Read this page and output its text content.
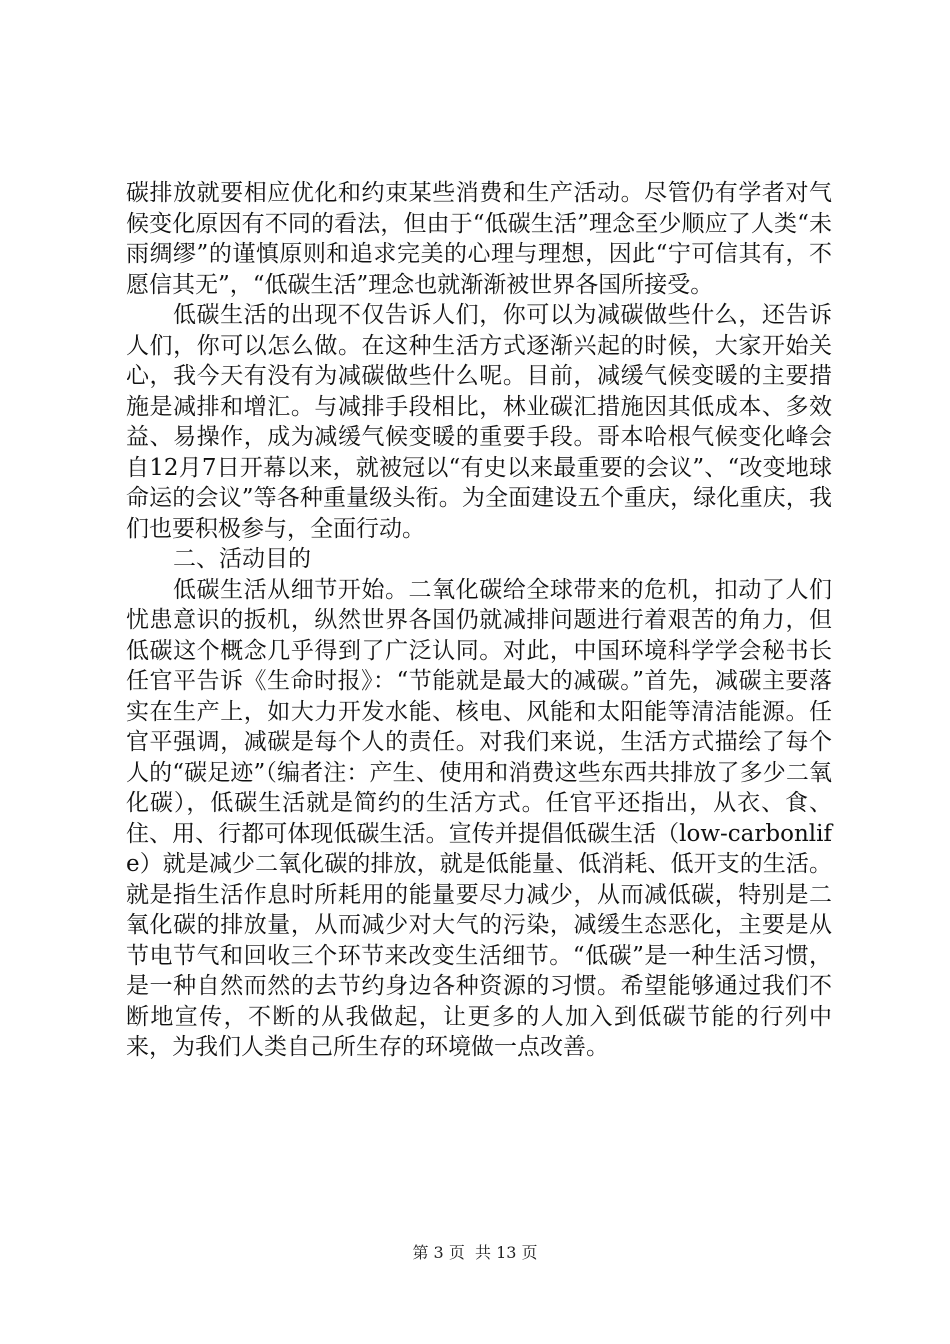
碳排放就要相应优化和约束某些消费和生产活动。尽管仍有学者对气候变化原因有不同的看法，但由于“低碳生活”理念至少顺应了人类“未雨绸缪”的谨慎原则和追求完美的心理与理想，因此“宁可信其有，不愿信其无”，“低碳生活”理念也就渐渐被世界各国所接受。

低碳生活的出现不仅告诉人们，你可以为减碳做些什么，还告诉人们，你可以怎么做。在这种生活方式逐渐兴起的时候，大家开始关心，我今天有没有为减碳做些什么呢。目前，减缓气候变暖的主要措施是减排和增汇。与减排手段相比，林业碳汇措施因其低成本、多效益、易操作，成为减缓气候变暖的重要手段。哥本哈根气候变化峰会自12月7日开幕以来，就被冠以“有史以来最重要的会议”、“改变地球命运的会议”等各种重量级头衔。为全面建设五个重庆，绿化重庆，我们也要积极参与，全面行动。

二、活动目的

低碳生活从细节开始。二氧化碳给全球带来的危机，扣动了人们忧患意识的扳机，纵然世界各国仍就减排问题进行着艰苦的角力，但低碳这个概念几乎得到了广泛认同。对此，中国环境科学学会秘书长任官平告诉《生命时报》：“节能就是最大的减碳。”首先，减碳主要落实在生产上，如大力开发水能、核电、风能和太阳能等清洁能源。任官平强调，减碳是每个人的责任。对我们来说，生活方式描绘了每个人的“碳足迹”（编者注：产生、使用和消费这些东西共排放了多少二氧化碳），低碳生活就是简约的生活方式。任官平还指出，从衣、食、住、用、行都可体现低碳生活。宣传并提倡低碳生活（low-carbonlife）就是减少二氧化碳的排放，就是低能量、低消耗、低开支的生活。就是指生活作息时所耗用的能量要尽力减少，从而减低碳，特别是二氧化碳的排放量，从而减少对大气的污染，减缓生态恶化，主要是从节电节气和回收三个环节来改变生活细节。“低碳”是一种生活习惯，是一种自然而然的去节约身边各种资源的习惯。希望能够通过我们不断地宣传，不断的从我做起，让更多的人加入到低碳节能的行列中来，为我们人类自己所生存的环境做一点改善。

第 3 页  共 13 页
